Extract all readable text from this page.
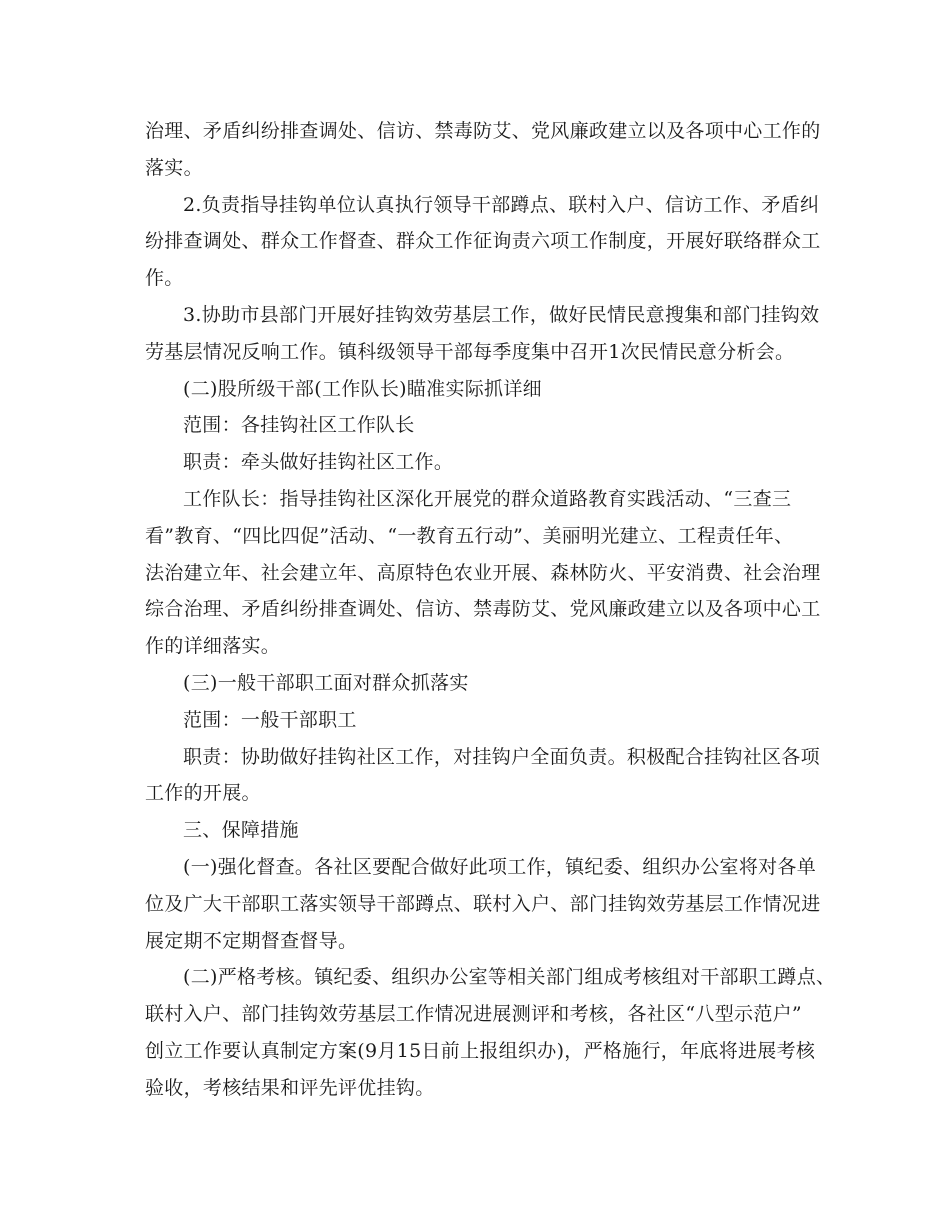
治理、矛盾纠纷排查调处、信访、禁毒防艾、党风廉政建立以及各项中心工作的
落实。
2.负责指导挂钩单位认真执行领导干部蹲点、联村入户、信访工作、矛盾纠
纷排查调处、群众工作督查、群众工作征询责六项工作制度，开展好联络群众工
作。
3.协助市县部门开展好挂钩效劳基层工作，做好民情民意搜集和部门挂钩效
劳基层情况反响工作。镇科级领导干部每季度集中召开1次民情民意分析会。
(二)股所级干部(工作队长)瞄准实际抓详细
范围：各挂钩社区工作队长
职责：牵头做好挂钩社区工作。
工作队长：指导挂钩社区深化开展党的群众道路教育实践活动、“三查三
看”教育、“四比四促”活动、“一教育五行动”、美丽明光建立、工程责任年、
法治建立年、社会建立年、高原特色农业开展、森林防火、平安消费、社会治理
综合治理、矛盾纠纷排查调处、信访、禁毒防艾、党风廉政建立以及各项中心工
作的详细落实。
(三)一般干部职工面对群众抓落实
范围：一般干部职工
职责：协助做好挂钩社区工作，对挂钩户全面负责。积极配合挂钩社区各项
工作的开展。
三、保障措施
(一)强化督查。各社区要配合做好此项工作，镇纪委、组织办公室将对各单
位及广大干部职工落实领导干部蹲点、联村入户、部门挂钩效劳基层工作情况进
展定期不定期督查督导。
(二)严格考核。镇纪委、组织办公室等相关部门组成考核组对干部职工蹲点、
联村入户、部门挂钩效劳基层工作情况进展测评和考核，各社区“八型示范户”
创立工作要认真制定方案(9月15日前上报组织办)，严格施行，年底将进展考核
验收，考核结果和评先评优挂钩。
